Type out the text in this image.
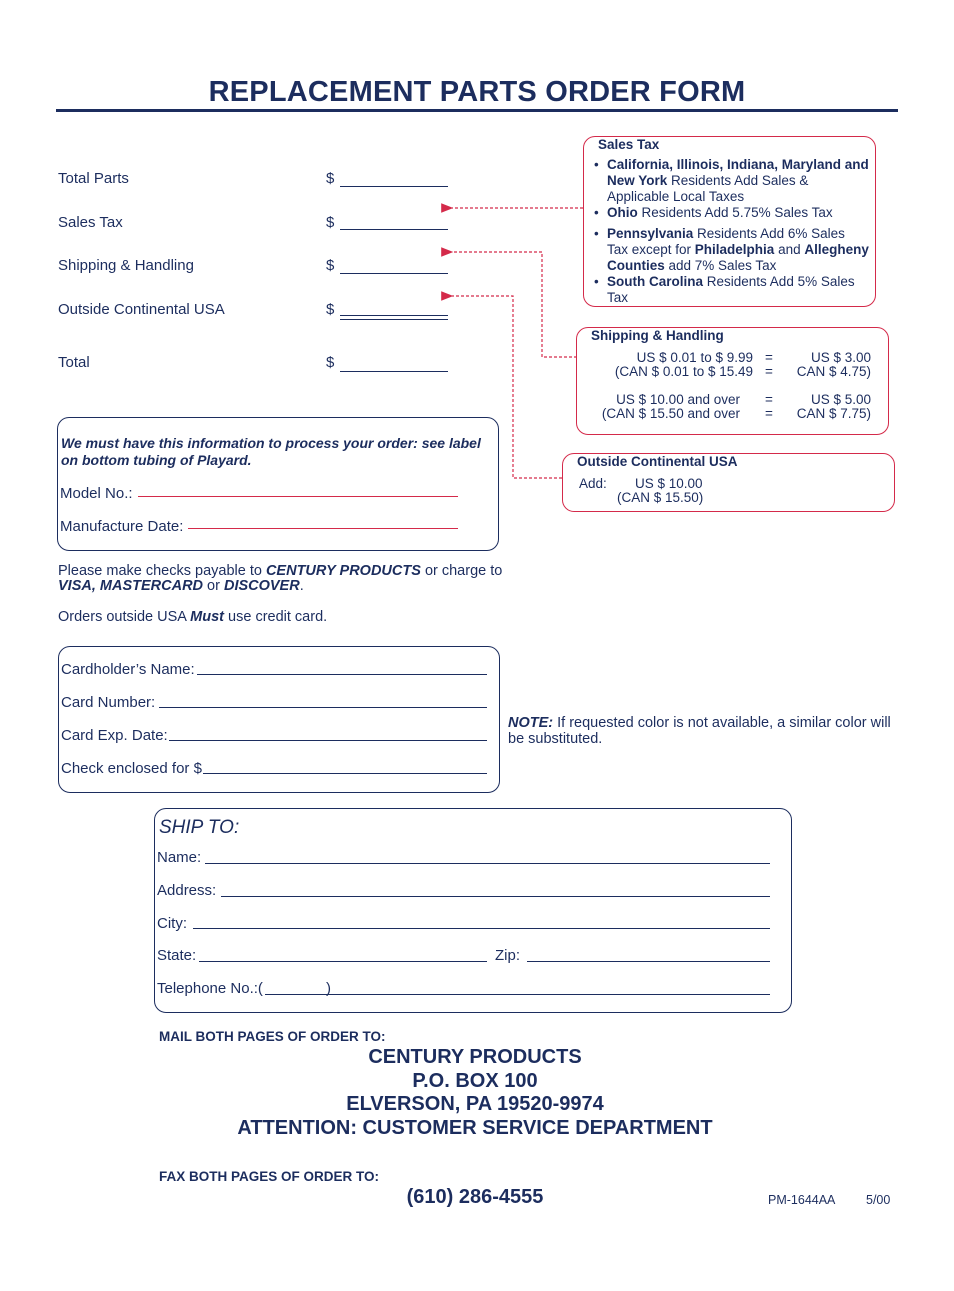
REPLACEMENT PARTS ORDER FORM
Total Parts	$
Sales Tax	$
Shipping & Handling	$
Outside Continental USA	$
Total	$
Sales Tax
• California, Illinois, Indiana, Maryland and New York Residents Add Sales & Applicable Local Taxes
• Ohio Residents Add 5.75% Sales Tax
• Pennsylvania Residents Add 6% Sales Tax except for Philadelphia and Allegheny Counties add 7% Sales Tax
• South Carolina Residents Add 5% Sales Tax
Shipping & Handling
US $ 0.01 to $ 9.99 =	US $ 3.00
(CAN $ 0.01 to $ 15.49 =	CAN $ 4.75)
US $ 10.00 and over =	US $ 5.00
(CAN $ 15.50 and over =	CAN $ 7.75)
Outside Continental USA
Add: US $ 10.00
(CAN $ 15.50)
We must have this information to process your order: see label on bottom tubing of Playard.
Model No.:
Manufacture Date:
Please make checks payable to CENTURY PRODUCTS or charge to VISA, MASTERCARD or DISCOVER.
Orders outside USA Must use credit card.
Cardholder’s Name:
Card Number:
Card Exp. Date:
Check enclosed for $
NOTE: If requested color is not available, a similar color will be substituted.
SHIP TO:
Name:
Address:
City:
State:	Zip:
Telephone No.:(	)
MAIL BOTH PAGES OF ORDER TO:
CENTURY PRODUCTS
P.O. BOX 100
ELVERSON, PA 19520-9974
ATTENTION: CUSTOMER SERVICE DEPARTMENT
FAX BOTH PAGES OF ORDER TO:
(610) 286-4555	PM-1644AA 5/00
